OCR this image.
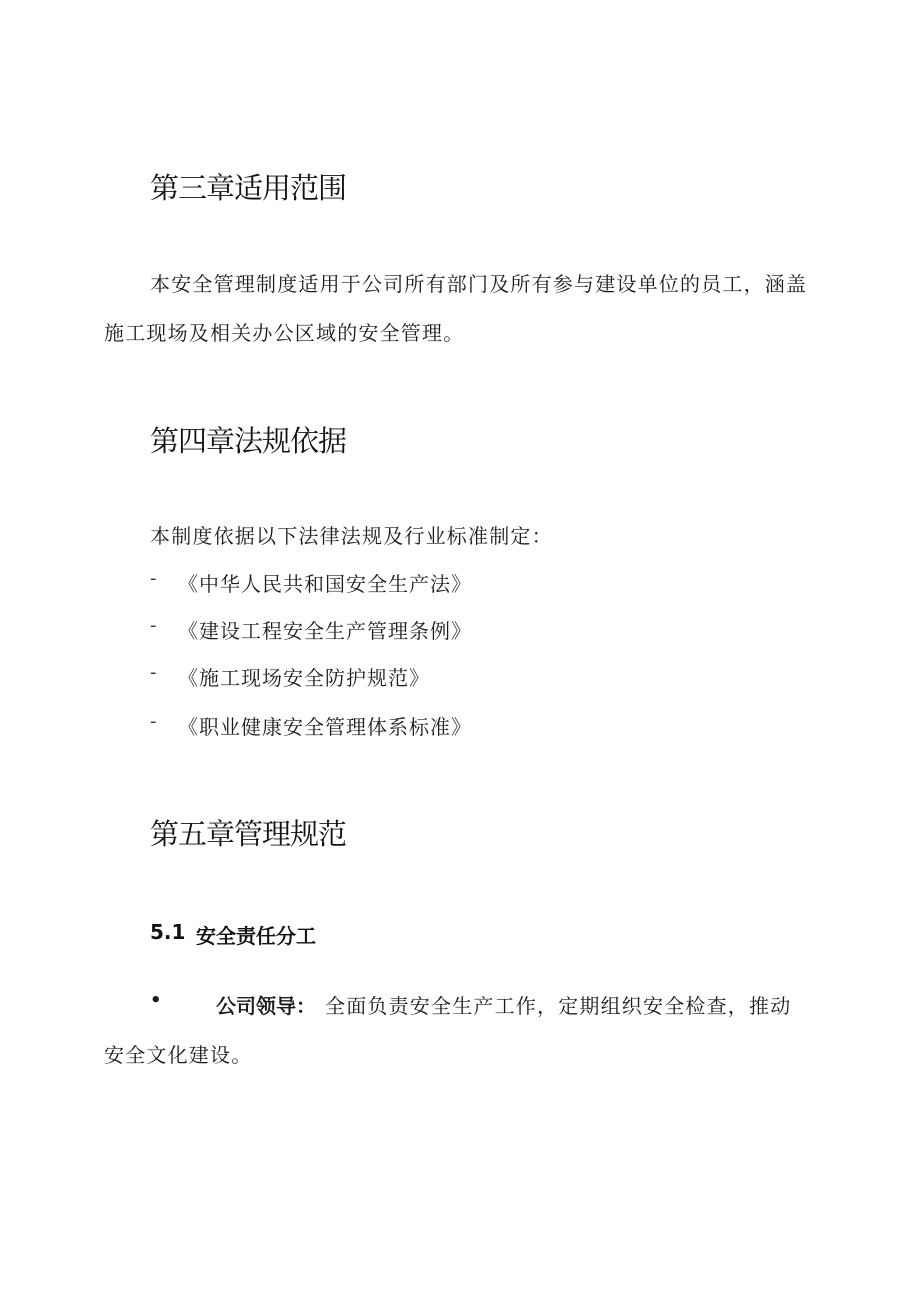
第三章适用范围
本安全管理制度适用于公司所有部门及所有参与建设单位的员工，涵盖
施工现场及相关办公区域的安全管理。
第四章法规依据
本制度依据以下法律法规及行业标准制定：
- 《中华人民共和国安全生产法》
- 《建设工程安全生产管理条例》
- 《施工现场安全防护规范》
- 《职业健康安全管理体系标准》
第五章管理规范
5.1 安全责任分工
•	公司领导： 全面负责安全生产工作，定期组织安全检查，推动
安全文化建设。
